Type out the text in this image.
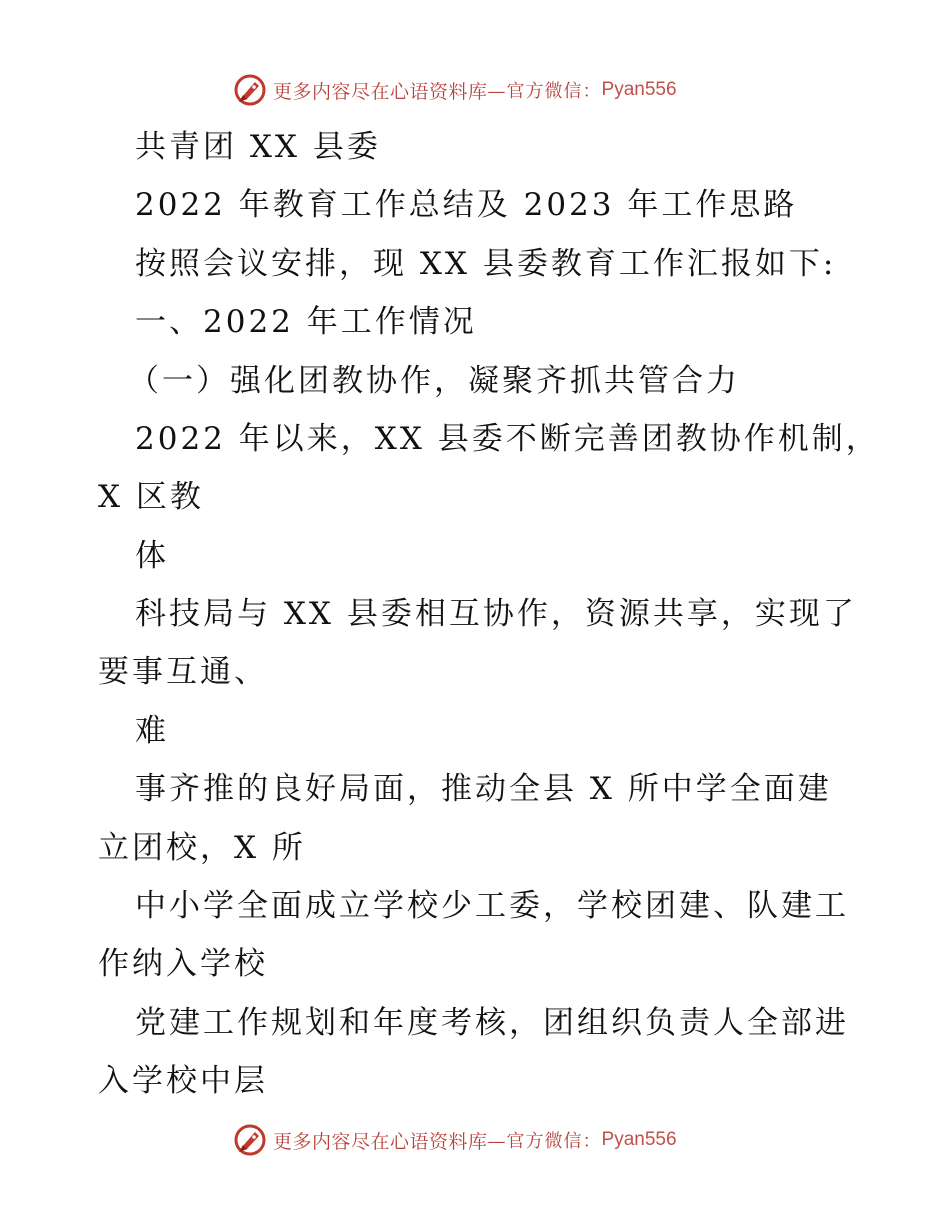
更多内容尽在心语资料库 —官方微信： Pyan556
共青团 XX 县委
2022 年教育工作总结及 2023 年工作思路
按照会议安排，现 XX 县委教育工作汇报如下:
一、2022 年工作情况
（一）强化团教协作，凝聚齐抓共管合力
2022 年以来，XX 县委不断完善团教协作机制，
X 区教
体
科技局与 XX 县委相互协作，资源共享，实现了
要事互通、
难
事齐推的良好局面，推动全县 X 所中学全面建
立团校，X 所
中小学全面成立学校少工委，学校团建、队建工
作纳入学校
党建工作规划和年度考核，团组织负责人全部进
入学校中层
更多内容尽在心语资料库 —官方微信： Pyan556
